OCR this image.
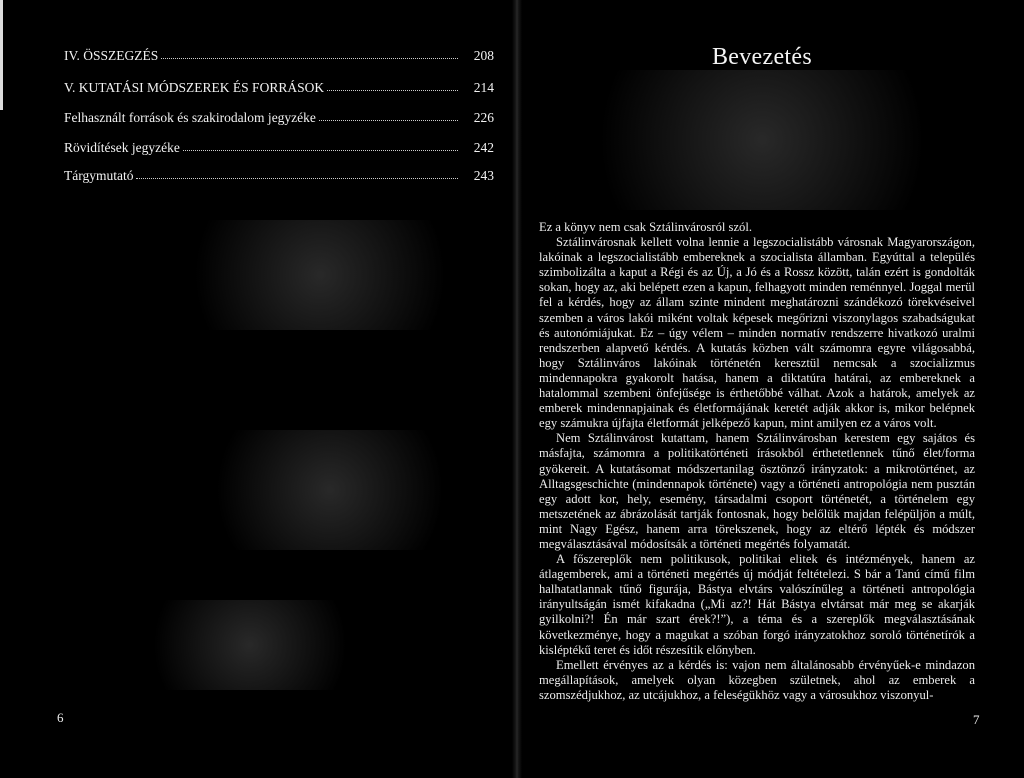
IV. ÖSSZEGZÉS	208
V. KUTATÁSI MÓDSZEREK ÉS FORRÁSOK	214
Felhasznált források és szakirodalom jegyzéke	226
Rövidítések jegyzéke	242
Tárgymutató	243
6
Bevezetés

Ez a könyv nem csak Sztálinvárosról szól.

Sztálinvárosnak kellett volna lennie a legszocialistább városnak Magyarországon, lakóinak a legszocialistább embereknek a szocialista államban. Egyúttal a település szimbolizálta a kaput a Régi és az Új, a Jó és a Rossz között, talán ezért is gondolták sokan, hogy az, aki belépett ezen a kapun, felhagyott minden reménnyel. Joggal merül fel a kérdés, hogy az állam szinte mindent meghatározni szándékozó törekvéseivel szemben a város lakói miként voltak képesek megőrizni viszonylagos szabadságukat és autonómiájukat. Ez – úgy vélem – minden normatív rendszerre hivatkozó uralmi rendszerben alapvető kérdés. A kutatás közben vált számomra egyre világosabbá, hogy Sztálinváros lakóinak történetén keresztül nemcsak a szocializmus mindennapokra gyakorolt hatása, hanem a diktatúra határai, az embereknek a hatalommal szembeni önfejűsége is érthetőbbé válhat. Azok a határok, amelyek az emberek mindennapjainak és életformájának keretét adják akkor is, mikor belépnek egy számukra újfajta életformát jelképező kapun, mint amilyen ez a város volt.

Nem Sztálinvárost kutattam, hanem Sztálinvárosban kerestem egy sajátos és másfajta, számomra a politikatörténeti írásokból érthetetlennek tűnő élet/forma gyökereit. A kutatásomat módszertanilag ösztönző irányzatok: a mikrotörténet, az Alltagsgeschichte (mindennapok története) vagy a történeti antropológia nem pusztán egy adott kor, hely, esemény, társadalmi csoport történetét, a történelem egy metszetének az ábrázolását tartják fontosnak, hogy belőlük majdan felépüljön a múlt, mint Nagy Egész, hanem arra törekszenek, hogy az eltérő lépték és módszer megválasztásával módosítsák a történeti megértés folyamatát.

A főszereplők nem politikusok, politikai elitek és intézmények, hanem az átlagemberek, ami a történeti megértés új módját feltételezi. S bár a Tanú című film halhatatlannak tűnő figurája, Bástya elvtárs valószínűleg a történeti antropológia irányultságán ismét kifakadna („Mi az?! Hát Bástya elvtársat már meg se akarják gyilkolni?! Én már szart érek?!”), a téma és a szereplők megválasztásának következménye, hogy a magukat a szóban forgó irányzatokhoz soroló történetírók a kisléptékű teret és időt részesítik előnyben.

Emellett érvényes az a kérdés is: vajon nem általánosabb érvényűek-e mindazon megállapítások, amelyek olyan közegben születnek, ahol az emberek a szomszédjukhoz, az utcájukhoz, a feleségükhöz vagy a városukhoz viszonyul-

7
